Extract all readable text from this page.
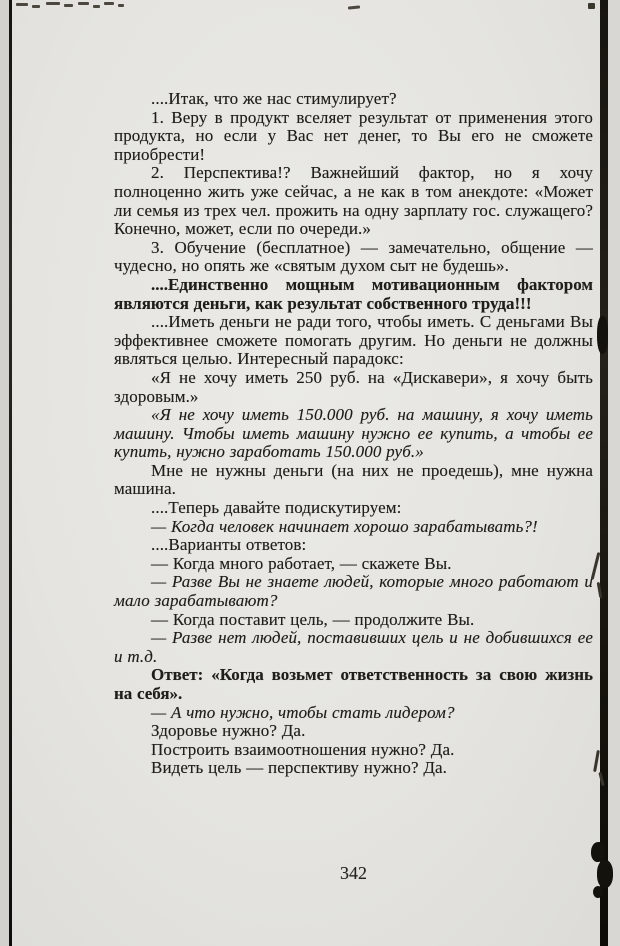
....Итак, что же нас стимулирует?

1. Веру в продукт вселяет результат от применения этого продукта, но если у Вас нет денег, то Вы его не сможете приобрести!

2. Перспектива!? Важнейший фактор, но я хочу полноценно жить уже сейчас, а не как в том анекдоте: «Может ли семья из трех чел. прожить на одну зарплату гос. служащего? Конечно, может, если по очереди.»

3. Обучение (бесплатное) — замечательно, общение — чудесно, но опять же «святым духом сыт не будешь».

....Единственно мощным мотивационным фактором являются деньги, как результат собственного труда!!!

....Иметь деньги не ради того, чтобы иметь. С деньгами Вы эффективнее сможете помогать другим. Но деньги не должны являться целью. Интересный парадокс:

«Я не хочу иметь 250 руб. на «Дискавери», я хочу быть здоровым.»

«Я не хочу иметь 150.000 руб. на машину, я хочу иметь машину. Чтобы иметь машину нужно ее купить, а чтобы ее купить, нужно заработать 150.000 руб.»

Мне не нужны деньги (на них не проедешь), мне нужна машина.

....Теперь давайте подискутируем:

— Когда человек начинает хорошо зарабатывать?!

....Варианты ответов:

— Когда много работает, — скажете Вы.

— Разве Вы не знаете людей, которые много работают и мало зарабатывают?

— Когда поставит цель, — продолжите Вы.

— Разве нет людей, поставивших цель и не добившихся ее и т.д.

Ответ: «Когда возьмет ответственность за свою жизнь на себя».

— А что нужно, чтобы стать лидером?

Здоровье нужно? Да.

Построить взаимоотношения нужно? Да.

Видеть цель — перспективу нужно? Да.

342
